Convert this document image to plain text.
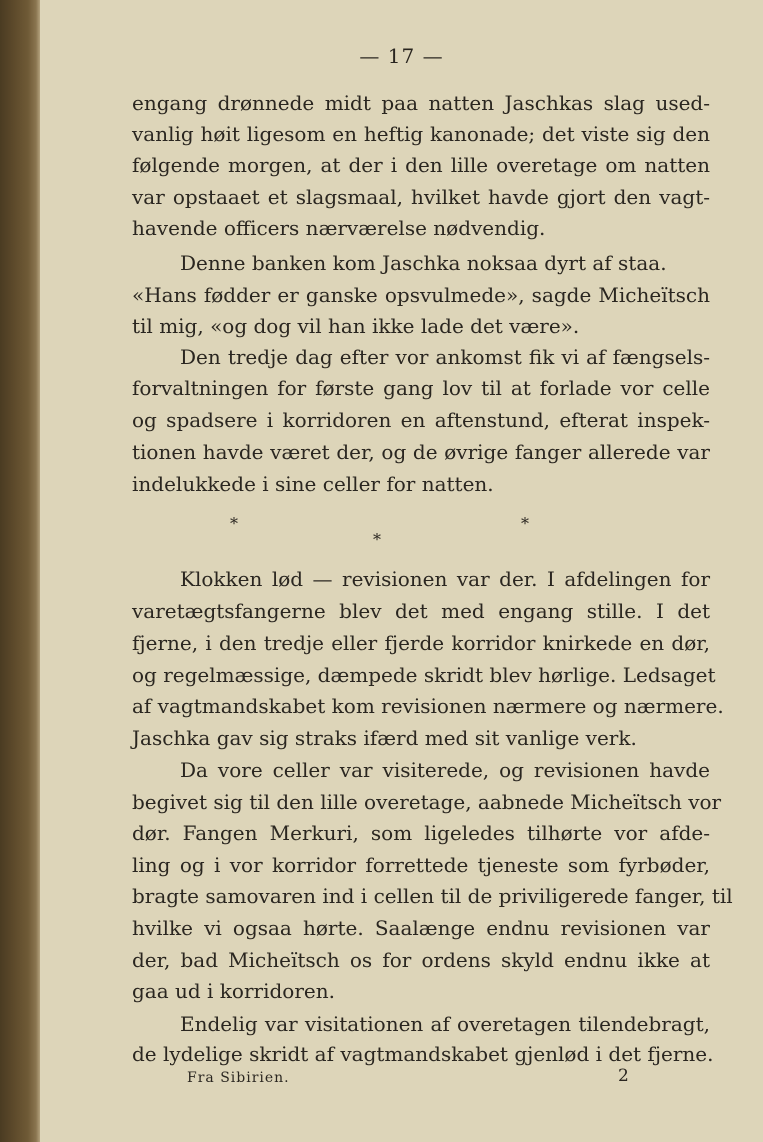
— 17 —
engang drønnede midt paa natten Jaschkas slag used-
vanlig høit ligesom en heftig kanonade; det viste sig den
følgende morgen, at der i den lille overetage om natten
var opstaaet et slagsmaal, hvilket havde gjort den vagt-
havende officers nærværelse nødvendig.
Denne banken kom Jaschka noksaa dyrt af staa.
«Hans fødder er ganske opsvulmede», sagde Micheïtsch
til mig, «og dog vil han ikke lade det være».
Den tredje dag efter vor ankomst fik vi af fængsels-
forvaltningen for første gang lov til at forlade vor celle
og spadsere i korridoren en aftenstund, efterat inspek-
tionen havde været der, og de øvrige fanger allerede var
indelukkede i sine celler for natten.
*
*
*
Klokken lød — revisionen var der. I afdelingen for
varetægtsfangerne blev det med engang stille. I det
fjerne, i den tredje eller fjerde korridor knirkede en dør,
og regelmæssige, dæmpede skridt blev hørlige. Ledsaget
af vagtmandskabet kom revisionen nærmere og nærmere.
Jaschka gav sig straks ifærd med sit vanlige verk.
Da vore celler var visiterede, og revisionen havde
begivet sig til den lille overetage, aabnede Micheïtsch vor
dør. Fangen Merkuri, som ligeledes tilhørte vor afde-
ling og i vor korridor forrettede tjeneste som fyrbøder,
bragte samovaren ind i cellen til de priviligerede fanger, til
hvilke vi ogsaa hørte. Saalænge endnu revisionen var
der, bad Micheïtsch os for ordens skyld endnu ikke at
gaa ud i korridoren.
Endelig var visitationen af overetagen tilendebragt,
de lydelige skridt af vagtmandskabet gjenlød i det fjerne.
Fra Sibirien.	2
